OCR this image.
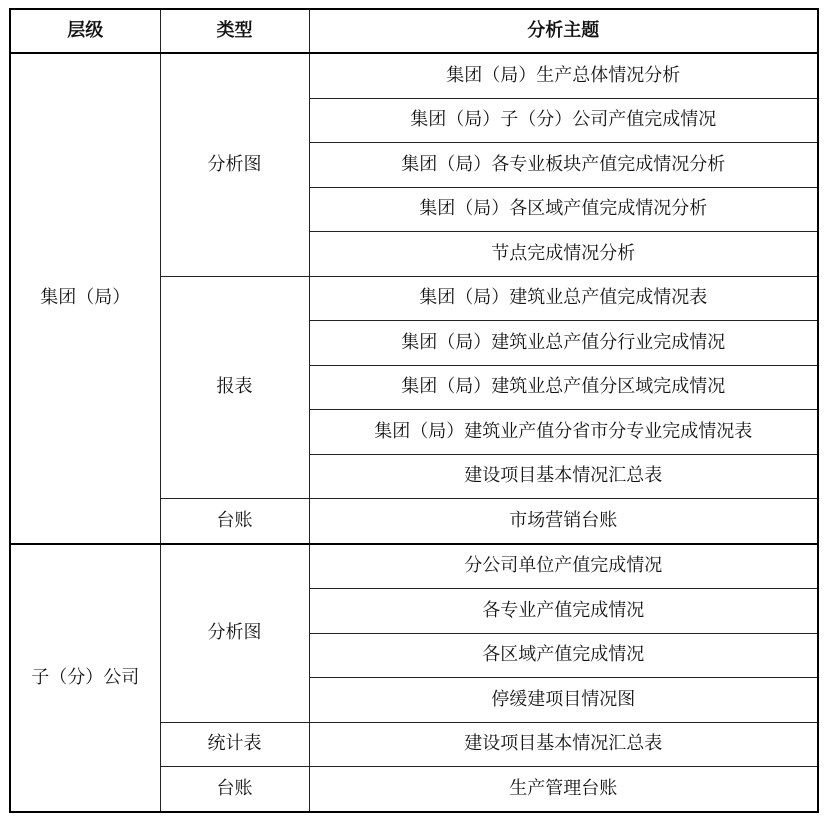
层级	类型	分析主题
集团（局）	分析图	集团（局）生产总体情况分析
		集团（局）子（分）公司产值完成情况
		集团（局）各专业板块产值完成情况分析
		集团（局）各区域产值完成情况分析
		节点完成情况分析
	报表	集团（局）建筑业总产值完成情况表
		集团（局）建筑业总产值分行业完成情况
		集团（局）建筑业总产值分区域完成情况
		集团（局）建筑业产值分省市分专业完成情况表
		建设项目基本情况汇总表
	台账	市场营销台账
子（分）公司	分析图	分公司单位产值完成情况
		各专业产值完成情况
		各区域产值完成情况
		停缓建项目情况图
	统计表	建设项目基本情况汇总表
	台账	生产管理台账
